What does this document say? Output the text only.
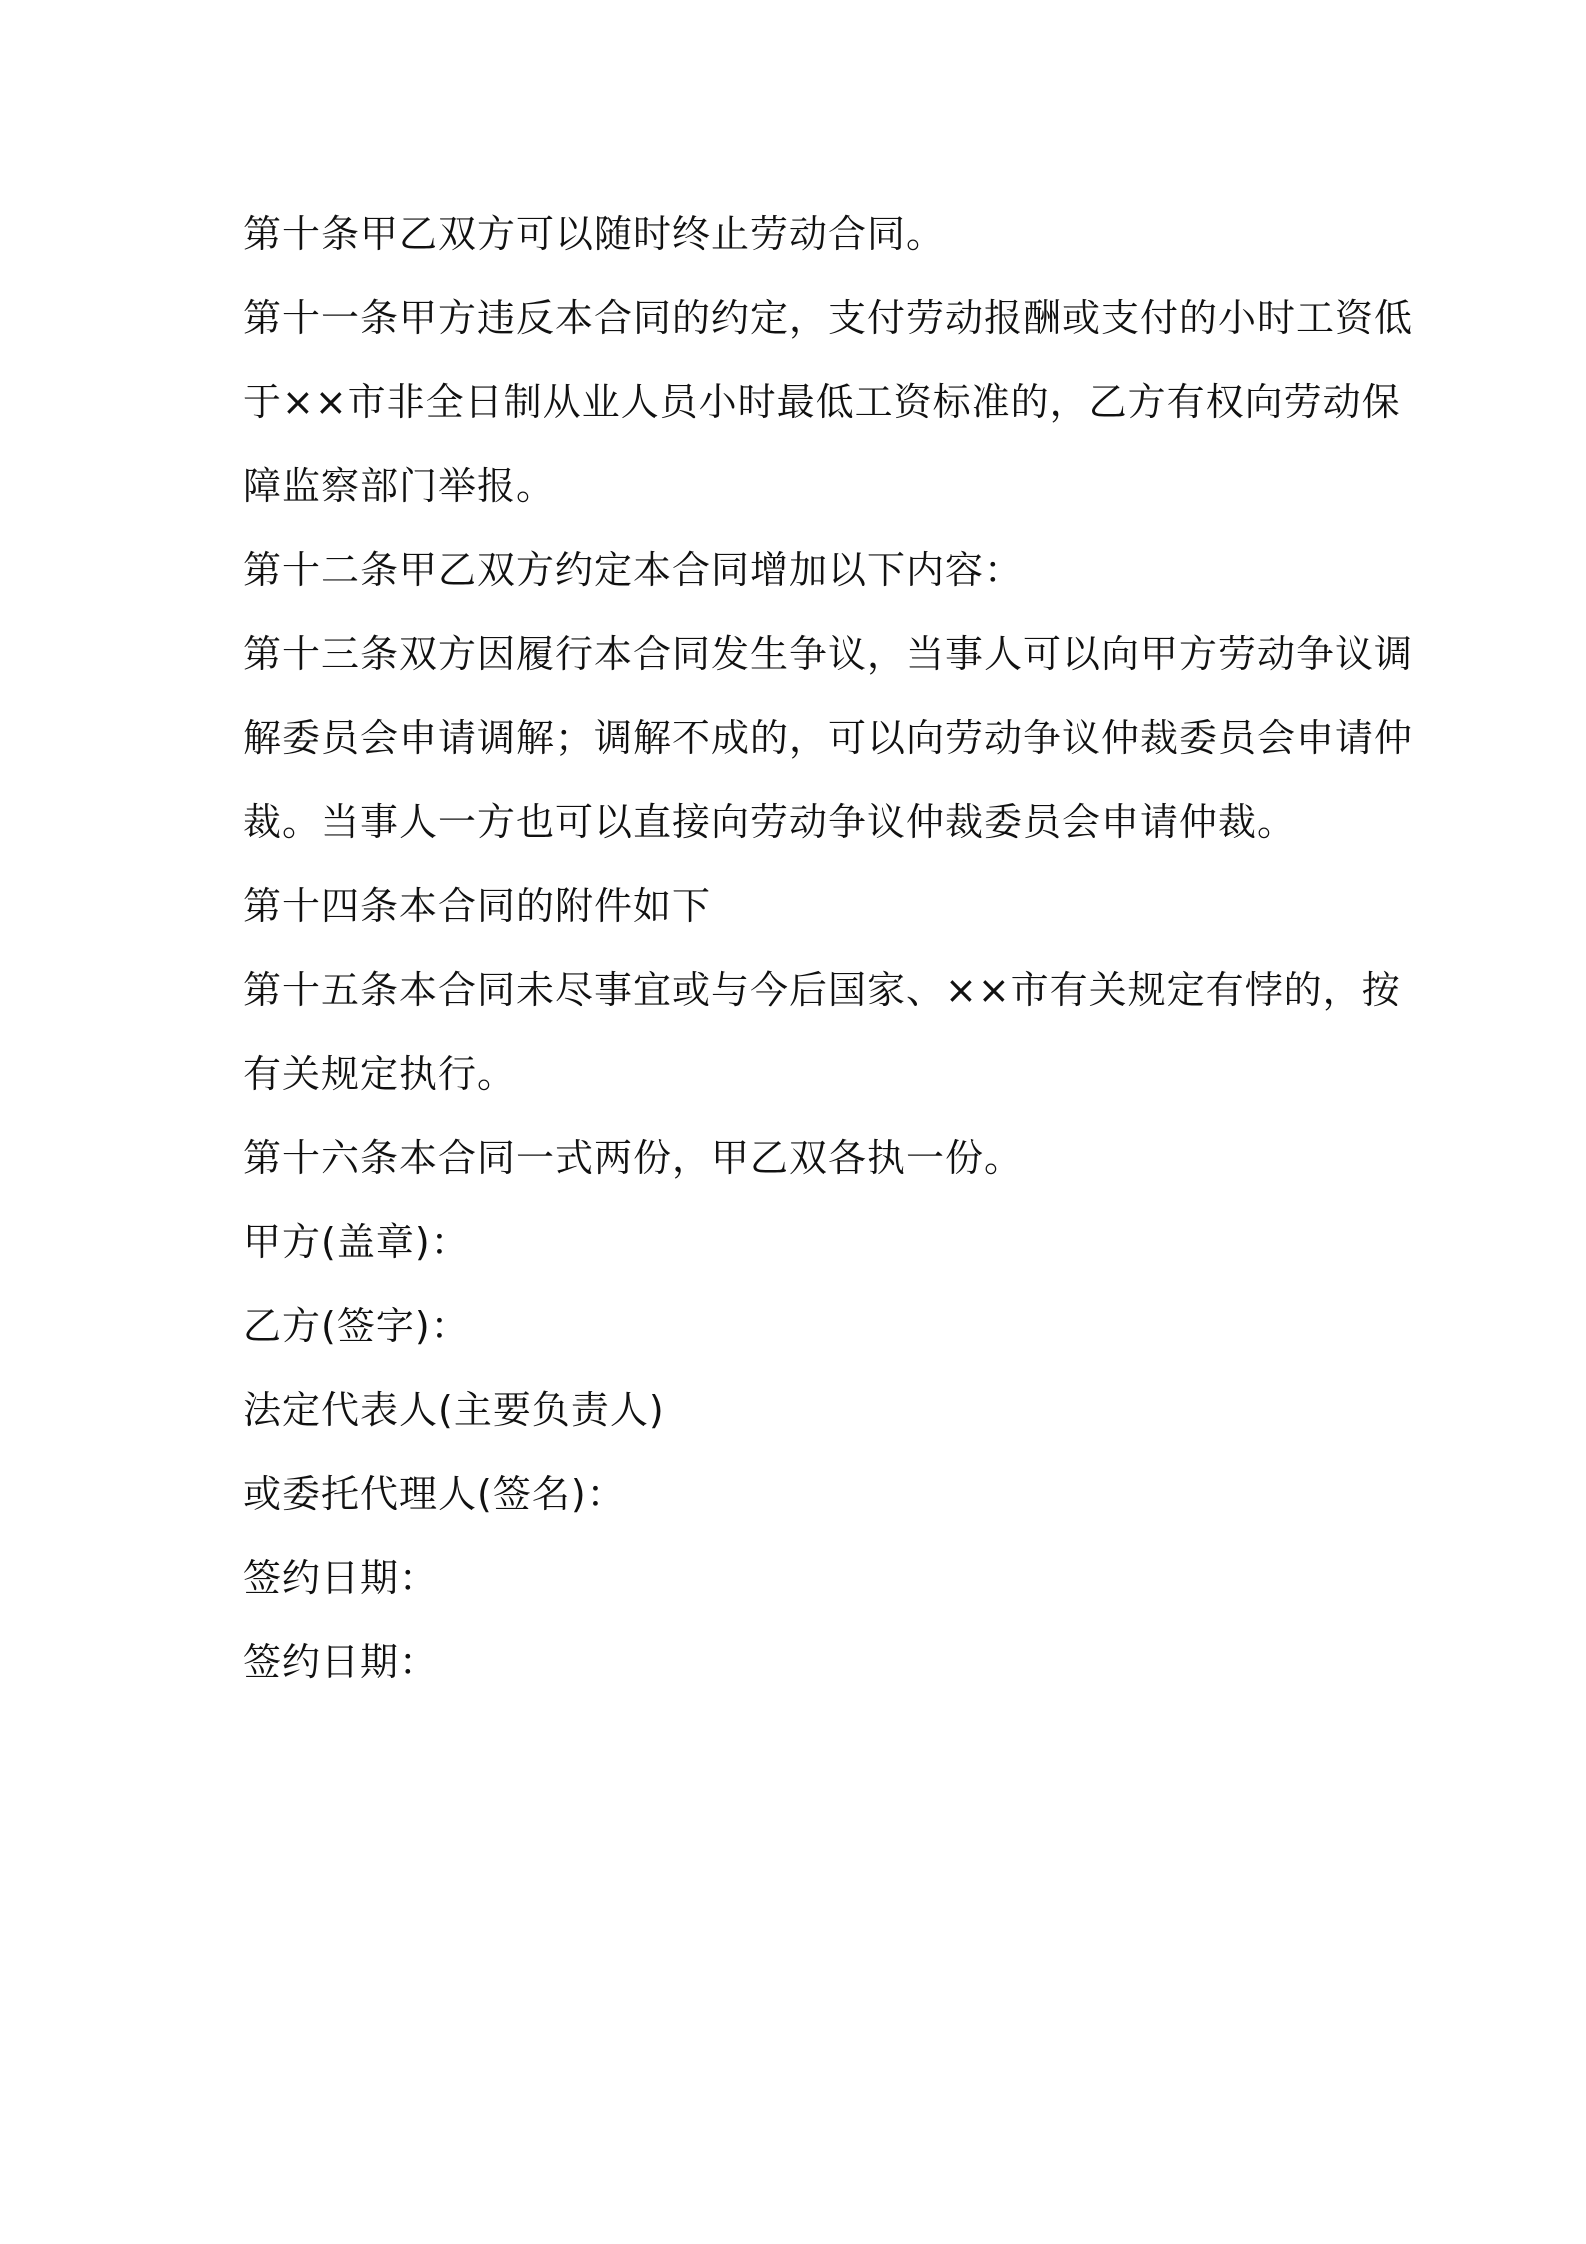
第十条甲乙双方可以随时终止劳动合同。

第十一条甲方违反本合同的约定，支付劳动报酬或支付的小时工资低

于××市非全日制从业人员小时最低工资标准的，乙方有权向劳动保

障监察部门举报。

第十二条甲乙双方约定本合同增加以下内容：

第十三条双方因履行本合同发生争议，当事人可以向甲方劳动争议调

解委员会申请调解；调解不成的，可以向劳动争议仲裁委员会申请仲

裁。当事人一方也可以直接向劳动争议仲裁委员会申请仲裁。

第十四条本合同的附件如下

第十五条本合同未尽事宜或与今后国家、××市有关规定有悖的，按

有关规定执行。

第十六条本合同一式两份，甲乙双各执一份。

甲方(盖章)：

乙方(签字)：

法定代表人(主要负责人)

或委托代理人(签名)：

签约日期：

签约日期：
